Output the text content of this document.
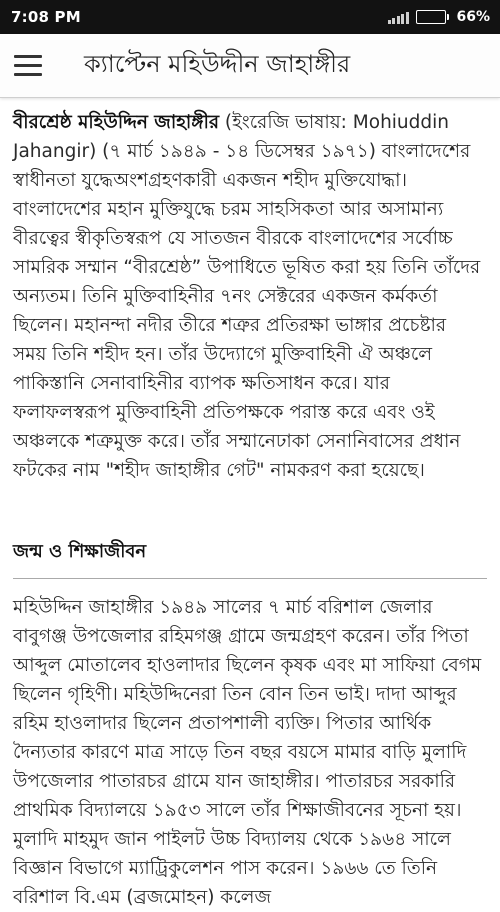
7:08 PM	66%
ক্যাপ্টেন মহিউদ্দীন জাহাঙ্গীর

বীরশ্রেষ্ঠ মহিউদ্দিন জাহাঙ্গীর (ইংরেজি ভাষায়: Mohiuddin Jahangir) (৭ মার্চ ১৯৪৯ - ১৪ ডিসেম্বর ১৯৭১) বাংলাদেশের স্বাধীনতা যুদ্ধেঅংশগ্রহণকারী একজন শহীদ মুক্তিযোদ্ধা। বাংলাদেশের মহান মুক্তিযুদ্ধে চরম সাহসিকতা আর অসামান্য বীরত্বের স্বীকৃতিস্বরূপ যে সাতজন বীরকে বাংলাদেশের সর্বোচ্চ সামরিক সম্মান “বীরশ্রেষ্ঠ” উপাধিতে ভূষিত করা হয় তিনি তাঁদের অন্যতম। তিনি মুক্তিবাহিনীর ৭নং সেক্টরের একজন কর্মকর্তা ছিলেন। মহানন্দা নদীর তীরে শত্রুর প্রতিরক্ষা ভাঙ্গার প্রচেষ্টার সময় তিনি শহীদ হন। তাঁর উদ্যোগে মুক্তিবাহিনী ঐ অঞ্চলে পাকিস্তানি সেনাবাহিনীর ব্যাপক ক্ষতিসাধন করে। যার ফলাফলস্বরূপ মুক্তিবাহিনী প্রতিপক্ষকে পরাস্ত করে এবং ওই অঞ্চলকে শত্রুমুক্ত করে। তাঁর সম্মানেঢাকা সেনানিবাসের প্রধান ফটকের নাম "শহীদ জাহাঙ্গীর গেট" নামকরণ করা হয়েছে।

জন্ম ও শিক্ষাজীবন

মহিউদ্দিন জাহাঙ্গীর ১৯৪৯ সালের ৭ মার্চ বরিশাল জেলার বাবুগঞ্জ উপজেলার রহিমগঞ্জ গ্রামে জন্মগ্রহণ করেন। তাঁর পিতা আব্দুল মোতালেব হাওলাদার ছিলেন কৃষক এবং মা সাফিয়া বেগম ছিলেন গৃহিণী। মহিউদ্দিনেরা তিন বোন তিন ভাই। দাদা আব্দুর রহিম হাওলাদার ছিলেন প্রতাপশালী ব্যক্তি। পিতার আর্থিক দৈন্যতার কারণে মাত্র সাড়ে তিন বছর বয়সে মামার বাড়ি মুলাদি উপজেলার পাতারচর গ্রামে যান জাহাঙ্গীর। পাতারচর সরকারি প্রাথমিক বিদ্যালয়ে ১৯৫৩ সালে তাঁর শিক্ষাজীবনের সূচনা হয়। মুলাদি মাহমুদ জান পাইলট উচ্চ বিদ্যালয় থেকে ১৯৬৪ সালে বিজ্ঞান বিভাগে ম্যাট্রিকুলেশন পাস করেন। ১৯৬৬ তে তিনি বরিশাল বি.এম (ব্রজমোহন) কলেজ
